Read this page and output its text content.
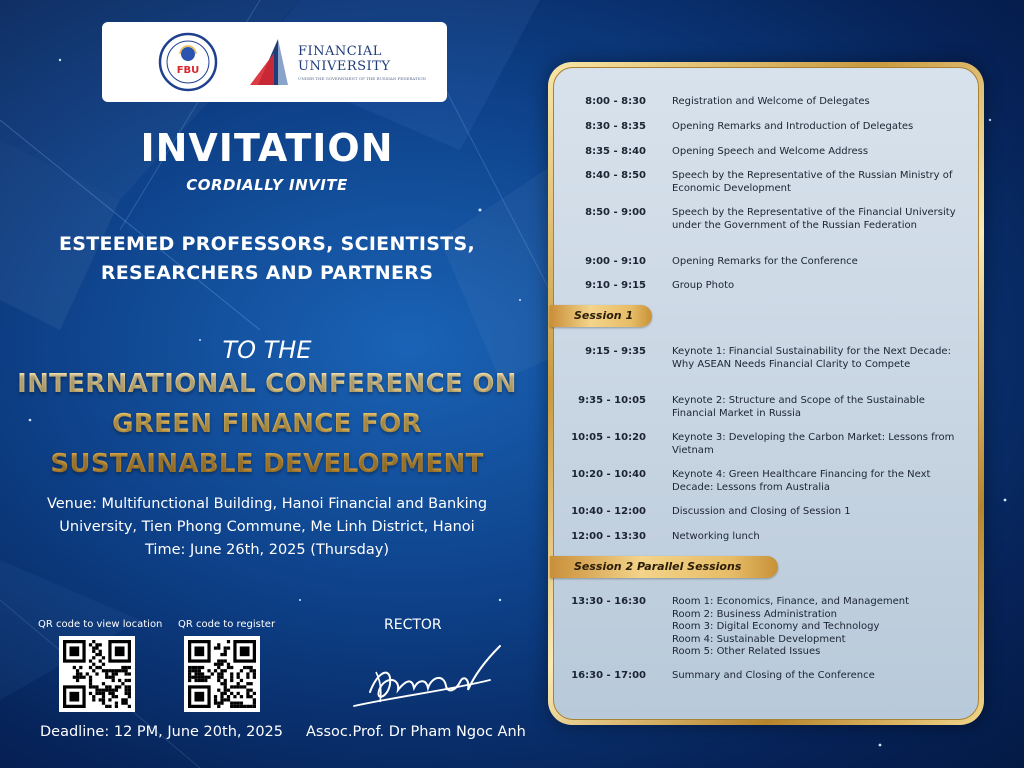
FBU
FINANCIAL
UNIVERSITY
UNDER THE GOVERNMENT OF THE RUSSIAN FEDERATION
INVITATION
CORDIALLY INVITE
ESTEEMED PROFESSORS, SCIENTISTS,
RESEARCHERS AND PARTNERS
TO THE
INTERNATIONAL CONFERENCE ON
GREEN FINANCE FOR
SUSTAINABLE DEVELOPMENT
Venue: Multifunctional Building, Hanoi Financial and Banking
University, Tien Phong Commune, Me Linh District, Hanoi
Time: June 26th, 2025 (Thursday)
QR code to view location QR code to register
Deadline: 12 PM, June 20th, 2025
RECTOR
Assoc.Prof. Dr Pham Ngoc Anh
8:00 - 8:30	Registration and Welcome of Delegates
8:30 - 8:35	Opening Remarks and Introduction of Delegates
8:35 - 8:40	Opening Speech and Welcome Address
8:40 - 8:50	Speech by the Representative of the Russian Ministry of Economic Development
8:50 - 9:00	Speech by the Representative of the Financial University under the Government of the Russian Federation
9:00 - 9:10	Opening Remarks for the Conference
9:10 - 9:15	Group Photo
9:15 - 9:35	Keynote 1: Financial Sustainability for the Next Decade: Why ASEAN Needs Financial Clarity to Compete
9:35 - 10:05	Keynote 2: Structure and Scope of the Sustainable Financial Market in Russia
10:05 - 10:20	Keynote 3: Developing the Carbon Market: Lessons from Vietnam
10:20 - 10:40	Keynote 4: Green Healthcare Financing for the Next Decade: Lessons from Australia
10:40 - 12:00	Discussion and Closing of Session 1
12:00 - 13:30	Networking lunch
13:30 - 16:30	Room 1: Economics, Finance, and Management
Room 2: Business Administration
Room 3: Digital Economy and Technology
Room 4: Sustainable Development
Room 5: Other Related Issues
16:30 - 17:00	Summary and Closing of the Conference
Session 1
Session 2 Parallel Sessions
